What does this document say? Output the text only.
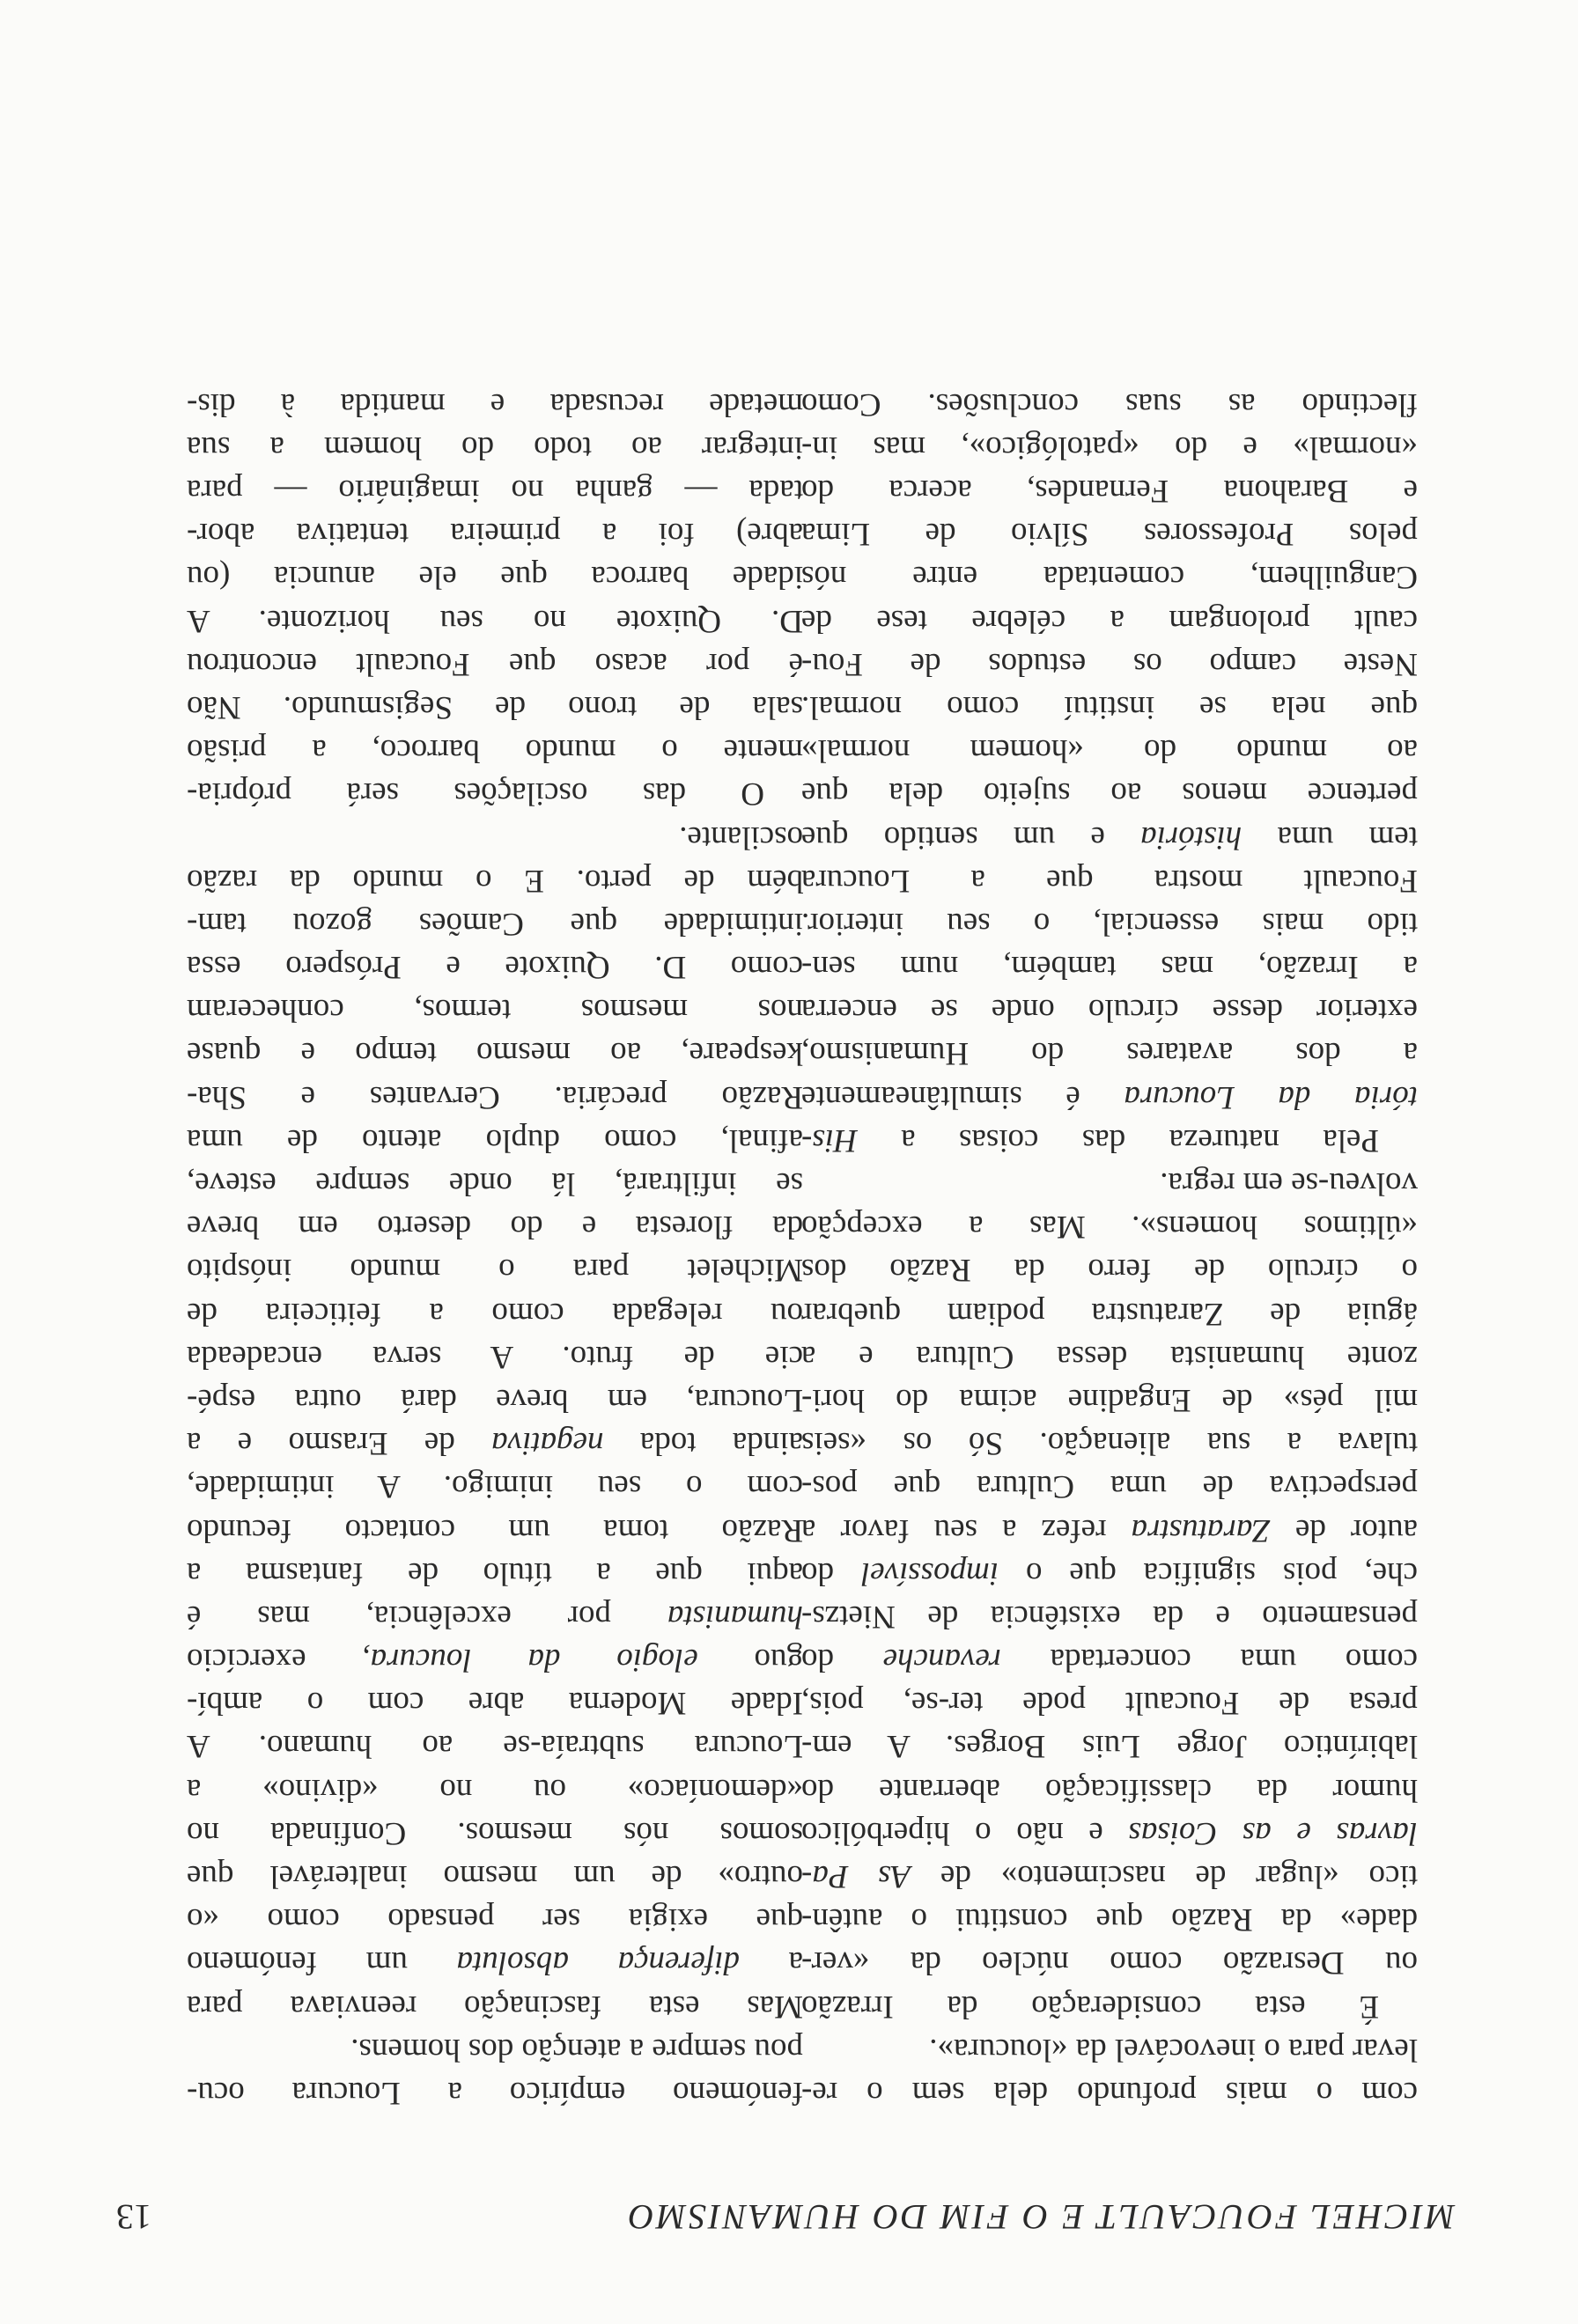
MICHEL FOUCAULT E O FIM DO HUMANISMO
13
com o mais profundo dela sem o re-
levar para o inevocável da «loucura».
É esta consideração da Irrazão
ou Desrazão como núcleo da «ver-
dade» da Razão que constitui o autên-
tico «lugar de nascimento» de As Pa-
lavras e as Coisas e não o hiperbólico
humor da classificação aberrante do
labiríntico Jorge Luis Borges. A em-
presa de Foucault pode ter-se, pois,
como uma concertada revanche do
pensamento e da existência de Nietzs-
che, pois significa que o impossível do
autor de Zaratustra refez a seu favor a
perspectiva de uma Cultura que pos-
tulava a sua alienação. Só os «seis
mil pés» de Engadine acima do hori-
zonte humanista dessa Cultura e a
águia de Zaratustra podiam quebrar
o círculo de ferro da Razão dos
«últimos homens». Mas a excepção
volveu-se em regra.
Pela natureza das coisas a His-
tória da Loucura é simultâneamente
a dos avatares do Humanismo,
exterior desse círculo onde se encerra
a Irrazão, mas também, num sen-
tido mais essencial, o seu interior.
Foucault mostra que a Loucura
tem uma história e um sentido que
pertence menos ao sujeito dela que
ao mundo do «homem normal»
que nela se instituí como normal.
Neste campo os estudos de Fou-
cault prolongam a célebre tese de
Canguilhem, comentada entre nós
pelos Professores Sílvio de Lima
e Barahona Fernandes, acerca do
«normal» e do «patológico», mas in-
flectindo as suas conclusões. Como
fenómeno empírico a Loucura ocu-
pou sempre a atenção dos homens.
Mas esta fascinação reenviava para
a diferença absoluta um fenómeno
que exigia ser pensado como «o
outro» de um mesmo inalterável que
somos nós mesmos. Confinada no
«demoníaco» ou no «divino» a
Loucura subtraía-se ao humano. A
Idade Moderna abre com o ambí-
guo elogio da loucura, exercício
humanista por excelência, mas é
aqui que a título de fantasma a
Razão toma um contacto fecundo
com o seu inimigo. A intimidade,
ainda toda negativa de Erasmo e a
Loucura, em breve dará outra espé-
cie de fruto. A serva encadeada
ou relegada como a feiticeira de
Michelet para o mundo inóspito
da floresta e do deserto em breve
se infiltrará, lá onde sempre esteve,
afinal, como duplo atento de uma
Razão precária. Cervantes e Sha-
kespeare, ao mesmo tempo e quase
nos mesmos termos, conheceram
como D. Quixote e Próspero essa
intimidade que Camões gozou tam-
bém de perto. E o mundo da razão
oscilante.
O das oscilações será própria-
mente o mundo barroco, a prisão
sala de trono de Segismundo. Não
é por acaso que Foucault encontrou
D. Quixote no seu horizonte. A
idade barroca que ele anuncia (ou
abre) foi a primeira tentativa abor-
tada — ganha no imaginário — para
integrar ao todo do homem a sua
metade recusada e mantida à dis-
